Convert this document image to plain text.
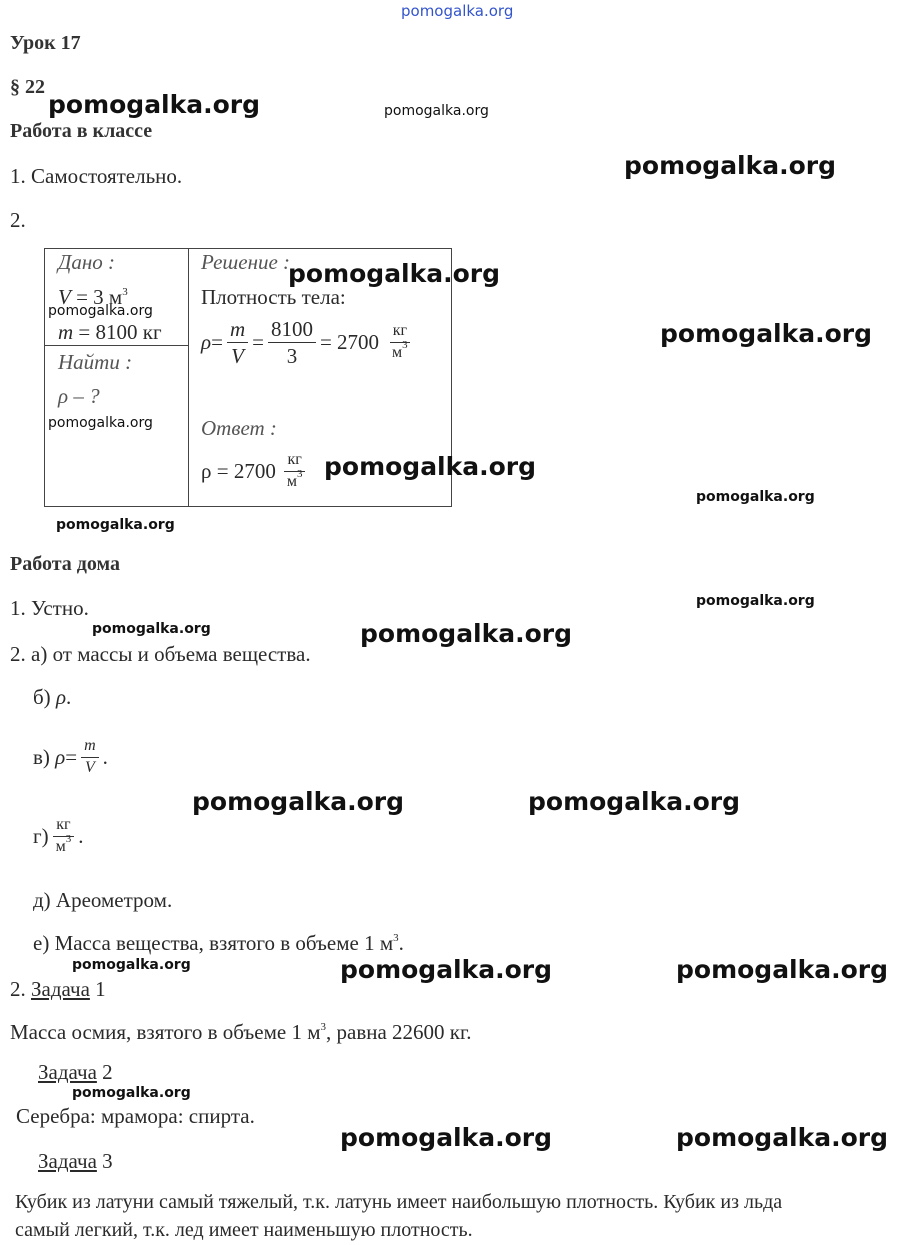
pomogalka.org
Урок 17
§ 22
Работа в классе
1. Самостоятельно.
2.
Дано :
V = 3 $м^3$
m = 8100 кг
Найти :
ρ – ?
Решение :
Плотность тела:
$\rho = \frac{m}{V} = \frac{8100}{3} = 2700 \frac{кг}{м^3}$
Ответ :
$\rho = 2700 \frac{кг}{м^3}$
Работа дома
1. Устно.
2. а) от массы и объема вещества.
б) ρ.
в)
$\rho = \frac{m}{V}$ .
$г) \frac{кг}{м^3}$ .
д) Ареометром.
е) Масса вещества, взятого в объеме 1 $м^3$.
2. Задача 1
Масса осмия, взятого в объеме 1 $м^3$, равна 22600 кг.
Задача 2
Серебра: мрамора: спирта.
Задача 3
Кубик из латуни самый тяжелый, т.к. латунь имеет наибольшую плотность. Кубик из льда
самый легкий, т.к. лед имеет наименьшую плотность.
pomogalka.org	pomogalka.org
pomogalka.org
pomogalka.org
pomogalka.org
pomogalka.org
pomogalka.org
pomogalka.org
pomogalka.org
pomogalka.org
pomogalka.org
pomogalka.org	pomogalka.org
pomogalka.org	pomogalka.org
pomogalka.org	pomogalka.org	pomogalka.org
pomogalka.org
pomogalka.org	pomogalka.org
